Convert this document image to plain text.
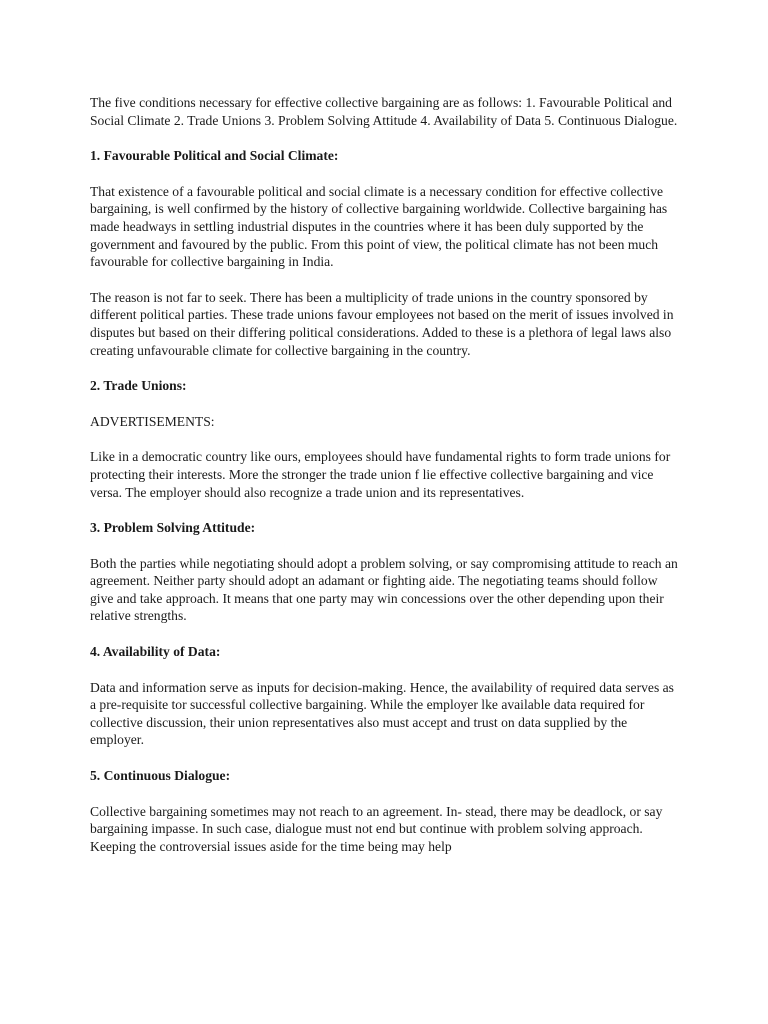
The five conditions necessary for effective collective bargaining are as follows: 1. Favourable Political and Social Climate 2. Trade Unions 3. Problem Solving Attitude 4. Availability of Data 5. Continuous Dialogue.

1. Favourable Political and Social Climate:

That existence of a favourable political and social climate is a necessary condition for effective collective bargaining, is well confirmed by the history of collective bargaining worldwide. Collective bargaining has made headways in settling industrial disputes in the countries where it has been duly supported by the government and favoured by the public. From this point of view, the political climate has not been much favourable for collective bargaining in India.

The reason is not far to seek. There has been a multiplicity of trade unions in the country sponsored by different political parties. These trade unions favour employees not based on the merit of issues involved in disputes but based on their differing political considerations. Added to these is a plethora of legal laws also creating unfavourable climate for collective bargaining in the country.

2. Trade Unions:

ADVERTISEMENTS:

Like in a democratic country like ours, employees should have fundamental rights to form trade unions for protecting their interests. More the stronger the trade union f lie effective collective bargaining and vice versa. The employer should also recognize a trade union and its representatives.

3. Problem Solving Attitude:

Both the parties while negotiating should adopt a problem solving, or say compromising attitude to reach an agreement. Neither party should adopt an adamant or fighting aide. The negotiating teams should follow give and take approach. It means that one party may win concessions over the other depending upon their relative strengths.

4. Availability of Data:

Data and information serve as inputs for decision-making. Hence, the availability of required data serves as a pre-requisite tor successful collective bargaining. While the employer lke available data required for collective discussion, their union representatives also must accept and trust on data supplied by the employer.

5. Continuous Dialogue:

Collective bargaining sometimes may not reach to an agreement. In- stead, there may be deadlock, or say bargaining impasse. In such case, dialogue must not end but continue with problem solving approach. Keeping the controversial issues aside for the time being may help
